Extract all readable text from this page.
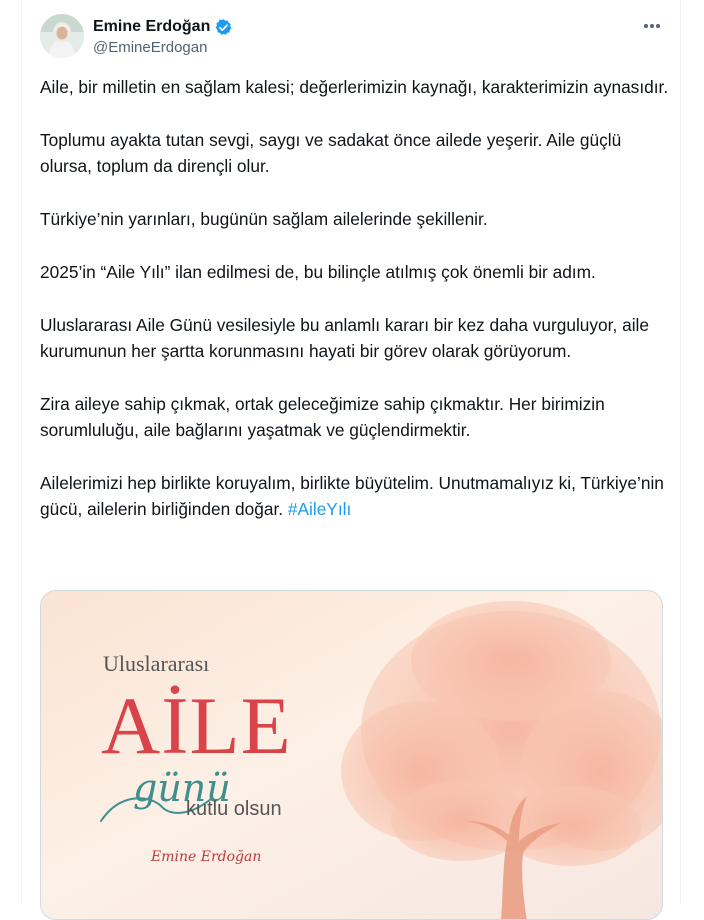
Emine Erdoğan
@EmineErdogan

Aile, bir milletin en sağlam kalesi; değerlerimizin kaynağı, karakterimizin aynasıdır.

Toplumu ayakta tutan sevgi, saygı ve sadakat önce ailede yeşerir. Aile güçlü olursa, toplum da dirençli olur.

Türkiye’nin yarınları, bugünün sağlam ailelerinde şekillenir.

2025’in “Aile Yılı” ilan edilmesi de, bu bilinçle atılmış çok önemli bir adım.

Uluslararası Aile Günü vesilesiyle bu anlamlı kararı bir kez daha vurguluyor, aile kurumunun her şartta korunmasını hayati bir görev olarak görüyorum.

Zira aileye sahip çıkmak, ortak geleceğimize sahip çıkmaktır. Her birimizin sorumluluğu, aile bağlarını yaşatmak ve güçlendirmektir.

Ailelerimizi hep birlikte koruyalım, birlikte büyütelim. Unutmamalıyız ki, Türkiye’nin gücü, ailelerin birliğinden doğar. #AileYılı

Uluslararası
AİLE
günü
kutlu olsun
Emine Erdoğan
